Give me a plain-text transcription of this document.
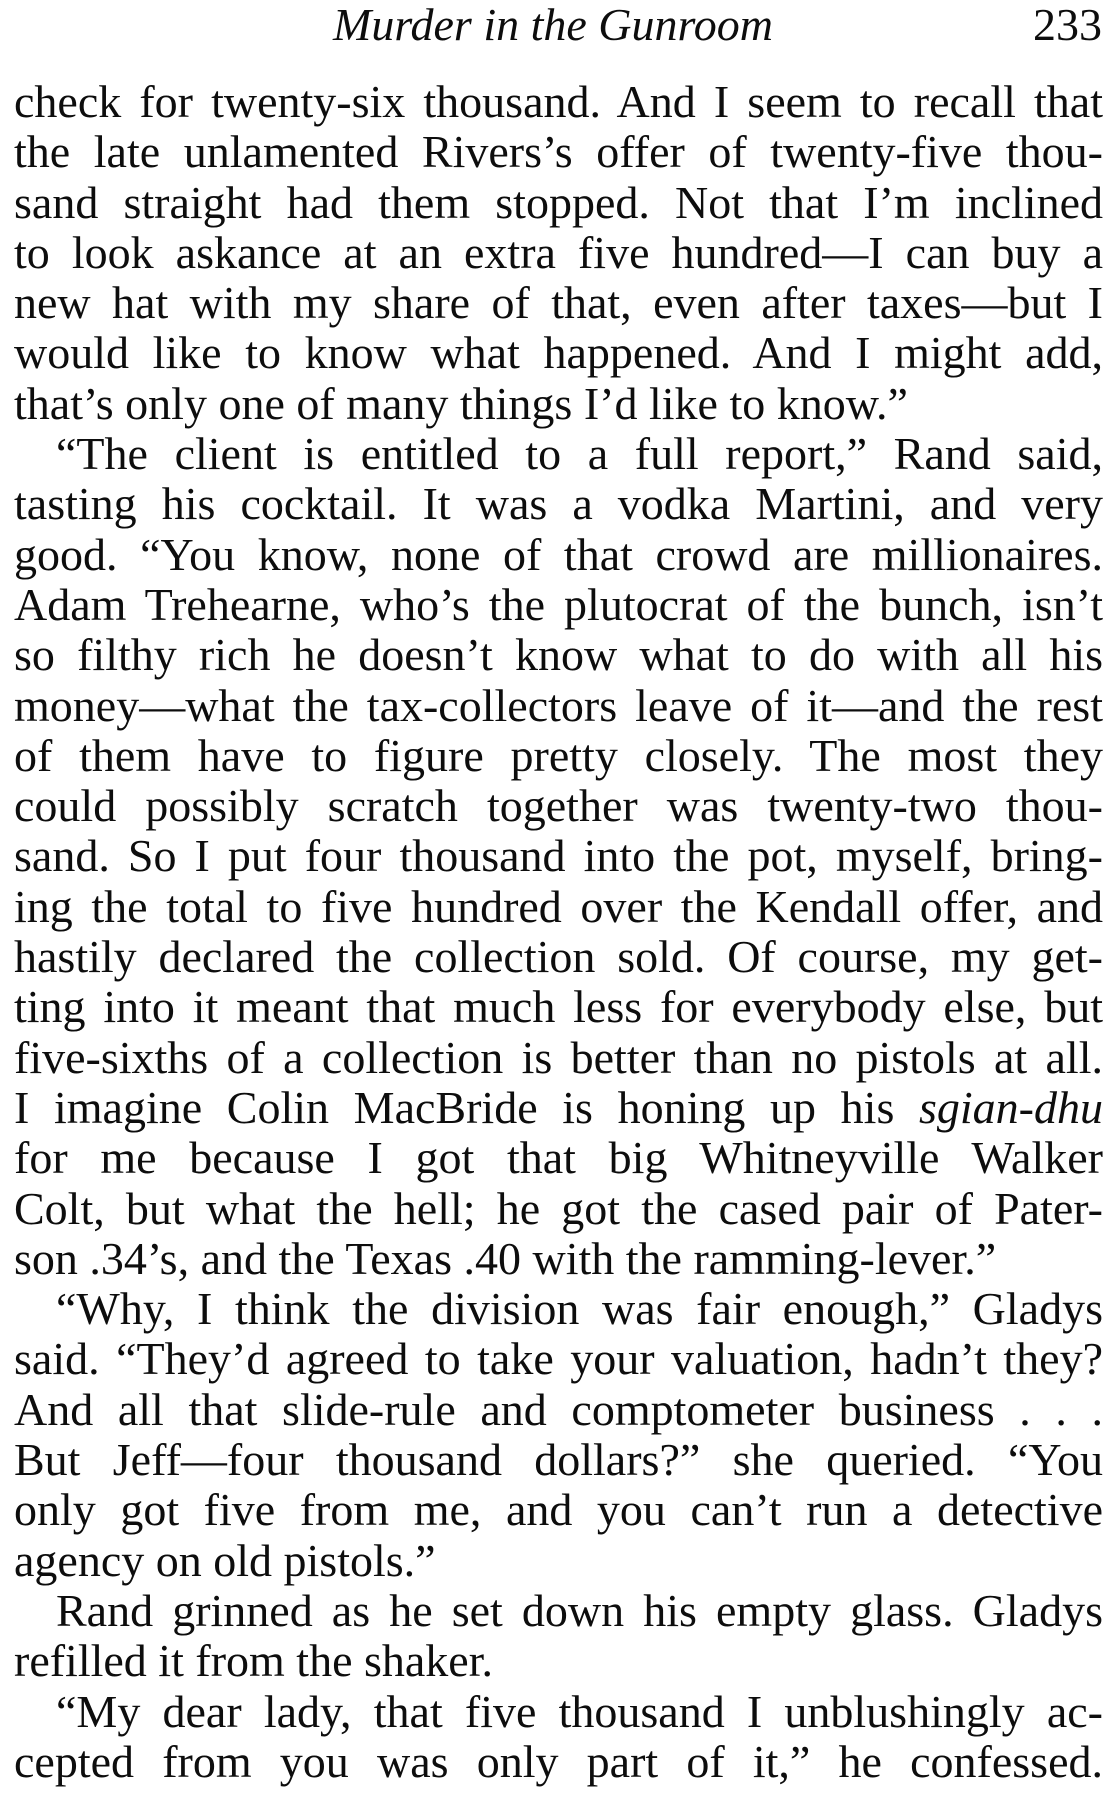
Murder in the Gunroom	233
check for twenty-six thousand. And I seem to recall that
the late unlamented Rivers’s offer of twenty-five thou-
sand straight had them stopped. Not that I’m inclined
to look askance at an extra five hundred—I can buy a
new hat with my share of that, even after taxes—but I
would like to know what happened. And I might add,
that’s only one of many things I’d like to know.”
“The client is entitled to a full report,” Rand said,
tasting his cocktail. It was a vodka Martini, and very
good. “You know, none of that crowd are millionaires.
Adam Trehearne, who’s the plutocrat of the bunch, isn’t
so filthy rich he doesn’t know what to do with all his
money—what the tax-collectors leave of it—and the rest
of them have to figure pretty closely. The most they
could possibly scratch together was twenty-two thou-
sand. So I put four thousand into the pot, myself, bring-
ing the total to five hundred over the Kendall offer, and
hastily declared the collection sold. Of course, my get-
ting into it meant that much less for everybody else, but
five-sixths of a collection is better than no pistols at all.
I imagine Colin MacBride is honing up his sgian-dhu
for me because I got that big Whitneyville Walker
Colt, but what the hell; he got the cased pair of Pater-
son .34’s, and the Texas .40 with the ramming-lever.”
“Why, I think the division was fair enough,” Gladys
said. “They’d agreed to take your valuation, hadn’t they?
And all that slide-rule and comptometer business . . .
But Jeff—four thousand dollars?” she queried. “You
only got five from me, and you can’t run a detective
agency on old pistols.”
Rand grinned as he set down his empty glass. Gladys
refilled it from the shaker.
“My dear lady, that five thousand I unblushingly ac-
cepted from you was only part of it,” he confessed.
